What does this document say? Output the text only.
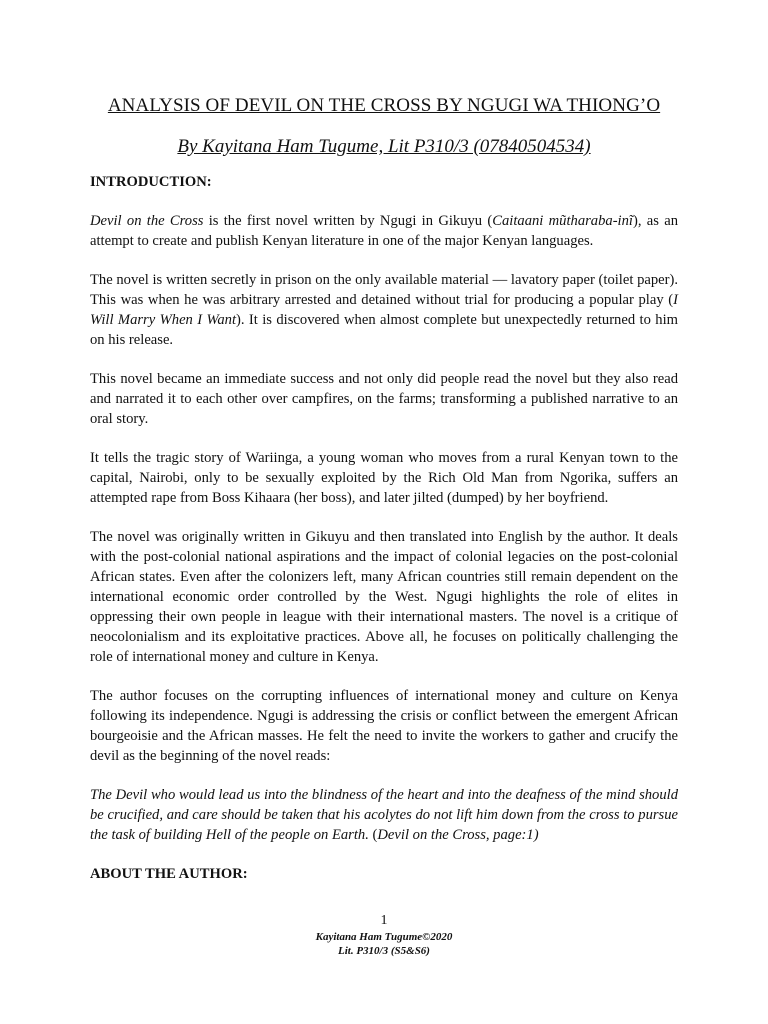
ANALYSIS OF DEVIL ON THE CROSS BY NGUGI WA THIONG’O
By Kayitana Ham Tugume, Lit P310/3 (07840504534)
INTRODUCTION:

Devil on the Cross is the first novel written by Ngugi in Gikuyu (Caitaani mũtharaba-inĩ), as an attempt to create and publish Kenyan literature in one of the major Kenyan languages.

The novel is written secretly in prison on the only available material — lavatory paper (toilet paper). This was when he was arbitrary arrested and detained without trial for producing a popular play (I Will Marry When I Want). It is discovered when almost complete but unexpectedly returned to him on his release.

This novel became an immediate success and not only did people read the novel but they also read and narrated it to each other over campfires, on the farms; transforming a published narrative to an oral story.

It tells the tragic story of Wariinga, a young woman who moves from a rural Kenyan town to the capital, Nairobi, only to be sexually exploited by the Rich Old Man from Ngorika, suffers an attempted rape from Boss Kihaara (her boss), and later jilted (dumped) by her boyfriend.

The novel was originally written in Gikuyu and then translated into English by the author. It deals with the post-colonial national aspirations and the impact of colonial legacies on the post-colonial African states. Even after the colonizers left, many African countries still remain dependent on the international economic order controlled by the West. Ngugi highlights the role of elites in oppressing their own people in league with their international masters. The novel is a critique of neocolonialism and its exploitative practices. Above all, he focuses on politically challenging the role of international money and culture in Kenya.

The author focuses on the corrupting influences of international money and culture on Kenya following its independence. Ngugi is addressing the crisis or conflict between the emergent African bourgeoisie and the African masses. He felt the need to invite the workers to gather and crucify the devil as the beginning of the novel reads:

The Devil who would lead us into the blindness of the heart and into the deafness of the mind should be crucified, and care should be taken that his acolytes do not lift him down from the cross to pursue the task of building Hell of the people on Earth. (Devil on the Cross, page:1)

ABOUT THE AUTHOR:
1
Kayitana Ham Tugume©2020
Lit. P310/3 (S5&S6)
